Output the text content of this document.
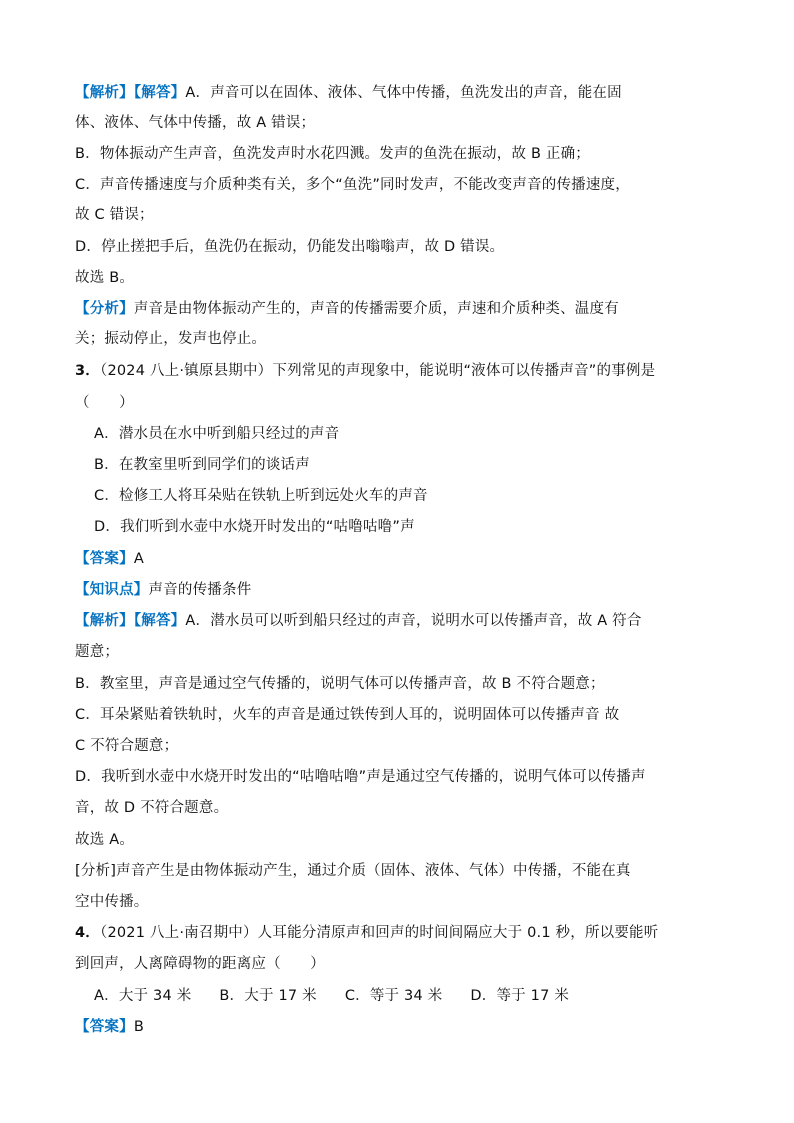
【解析】【解答】A．声音可以在固体、液体、气体中传播，鱼洗发出的声音，能在固
体、液体、气体中传播，故 A 错误；
B．物体振动产生声音，鱼洗发声时水花四溅。发声的鱼洗在振动，故 B 正确；
C．声音传播速度与介质种类有关，多个“鱼洗”同时发声，不能改变声音的传播速度，
故 C 错误；
D．停止搓把手后，鱼洗仍在振动，仍能发出嗡嗡声，故 D 错误。
故选 B。
【分析】声音是由物体振动产生的，声音的传播需要介质，声速和介质种类、温度有
关；振动停止，发声也停止。
3．（2024 八上·镇原县期中）下列常见的声现象中，能说明“液体可以传播声音”的事例是
（　　）
A．潜水员在水中听到船只经过的声音
B．在教室里听到同学们的谈话声
C．检修工人将耳朵贴在铁轨上听到远处火车的声音
D．我们听到水壶中水烧开时发出的“咕噜咕噜”声
【答案】A
【知识点】声音的传播条件
【解析】【解答】A．潜水员可以听到船只经过的声音，说明水可以传播声音，故 A 符合
题意；
B．教室里，声音是通过空气传播的，说明气体可以传播声音，故 B 不符合题意；
C．耳朵紧贴着铁轨时，火车的声音是通过铁传到人耳的，说明固体可以传播声音 故
C 不符合题意；
D．我听到水壶中水烧开时发出的“咕噜咕噜”声是通过空气传播的，说明气体可以传播声
音，故 D 不符合题意。
故选 A。
[分析]声音产生是由物体振动产生，通过介质（固体、液体、气体）中传播，不能在真
空中传播。
4．（2021 八上·南召期中）人耳能分清原声和回声的时间间隔应大于 0.1 秒，所以要能听
到回声，人离障碍物的距离应（　　）
A．大于 34 米 B．大于 17 米 C．等于 34 米 D．等于 17 米
【答案】B
